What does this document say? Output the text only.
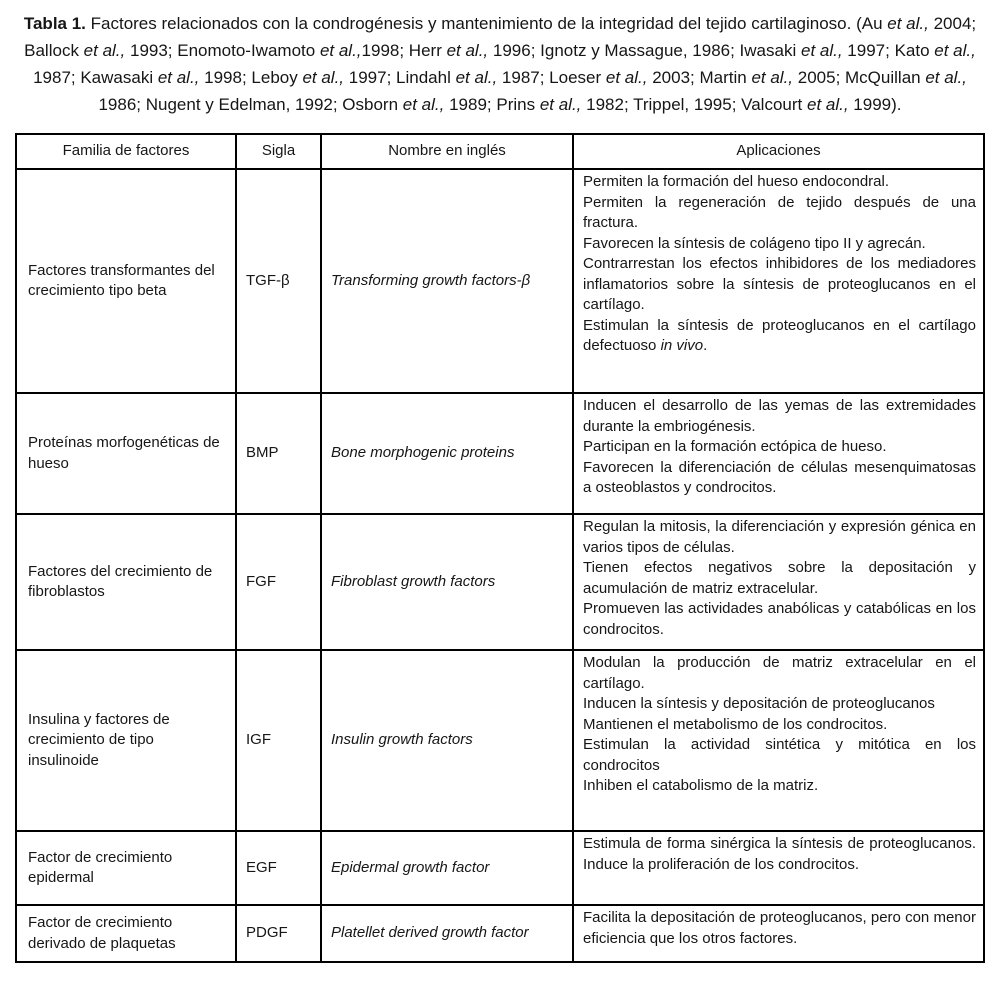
Tabla 1. Factores relacionados con la condrogénesis y mantenimiento de la integridad del tejido cartilaginoso. (Au et al., 2004; Ballock et al., 1993; Enomoto-Iwamoto et al.,1998; Herr et al., 1996; Ignotz y Massague, 1986; Iwasaki et al., 1997; Kato et al., 1987; Kawasaki et al., 1998; Leboy et al., 1997; Lindahl et al., 1987; Loeser et al., 2003; Martin et al., 2005; McQuillan et al., 1986; Nugent y Edelman, 1992; Osborn et al., 1989; Prins et al., 1982; Trippel, 1995; Valcourt et al., 1999).

Familia de factores	Sigla	Nombre en inglés	Aplicaciones
Factores transformantes del crecimiento tipo beta	TGF-β	Transforming growth factors-β	Permiten la formación del hueso endocondral.
Permiten la regeneración de tejido después de una fractura.
Favorecen la síntesis de colágeno tipo II y agrecán.
Contrarrestan los efectos inhibidores de los mediadores inflamatorios sobre la síntesis de proteoglucanos en el cartílago.
Estimulan la síntesis de proteoglucanos en el cartílago defectuoso in vivo.

Proteínas morfogenéticas de hueso	BMP	Bone morphogenic proteins	Inducen el desarrollo de las yemas de las extremidades durante la embriogénesis.
Participan en la formación ectópica de hueso.
Favorecen la diferenciación de células mesenquimatosas a osteoblastos y condrocitos.

Factores del crecimiento de fibroblastos	FGF	Fibroblast growth factors	Regulan la mitosis, la diferenciación y expresión génica en varios tipos de células.
Tienen efectos negativos sobre la depositación y acumulación de matriz extracelular.
Promueven las actividades anabólicas y catabólicas en los condrocitos.

Insulina y factores de crecimiento de tipo insulinoide	IGF	Insulin growth factors	Modulan la producción de matriz extracelular en el cartílago.
Inducen la síntesis y depositación de proteoglucanos
Mantienen el metabolismo de los condrocitos.
Estimulan la actividad sintética y mitótica en los condrocitos
Inhiben el catabolismo de la matriz.

Factor de crecimiento epidermal	EGF	Epidermal growth factor	Estimula de forma sinérgica la síntesis de proteoglucanos. Induce la proliferación de los condrocitos.

Factor de crecimiento derivado de plaquetas	PDGF	Platellet derived growth factor	Facilita la depositación de proteoglucanos, pero con menor eficiencia que los otros factores.
